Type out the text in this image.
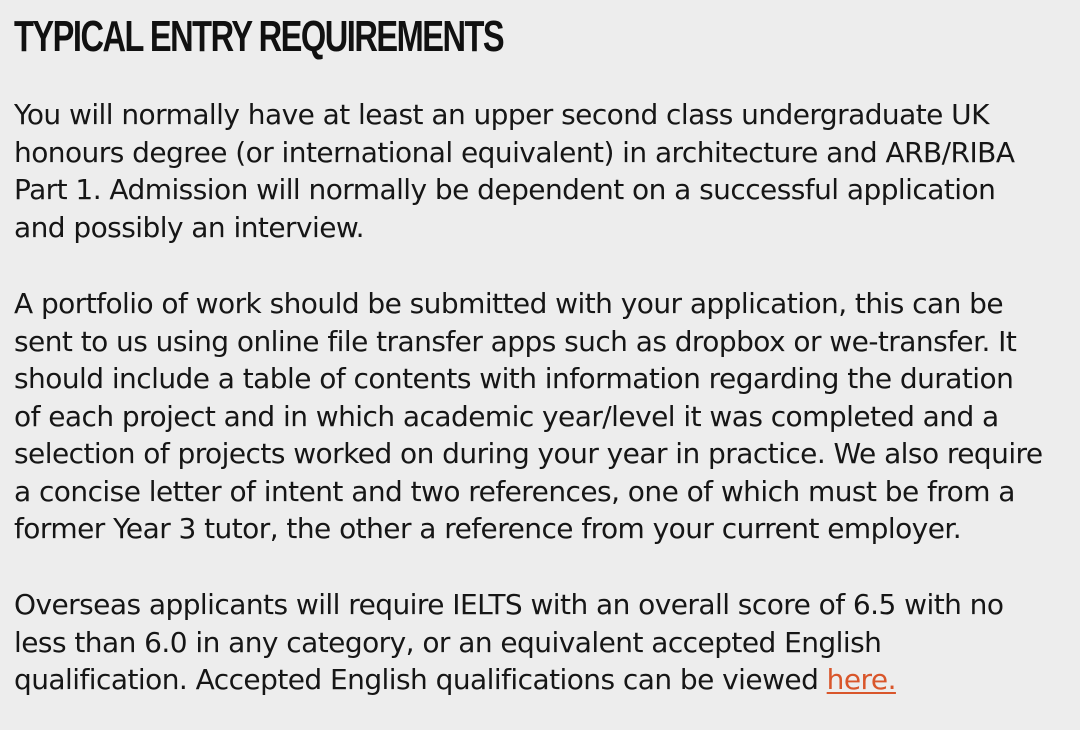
TYPICAL ENTRY REQUIREMENTS

You will normally have at least an upper second class undergraduate UK
honours degree (or international equivalent) in architecture and ARB/RIBA
Part 1. Admission will normally be dependent on a successful application
and possibly an interview.

A portfolio of work should be submitted with your application, this can be
sent to us using online file transfer apps such as dropbox or we-transfer. It
should include a table of contents with information regarding the duration
of each project and in which academic year/level it was completed and a
selection of projects worked on during your year in practice. We also require
a concise letter of intent and two references, one of which must be from a
former Year 3 tutor, the other a reference from your current employer.

Overseas applicants will require IELTS with an overall score of 6.5 with no
less than 6.0 in any category, or an equivalent accepted English
qualification. Accepted English qualifications can be viewed here.
